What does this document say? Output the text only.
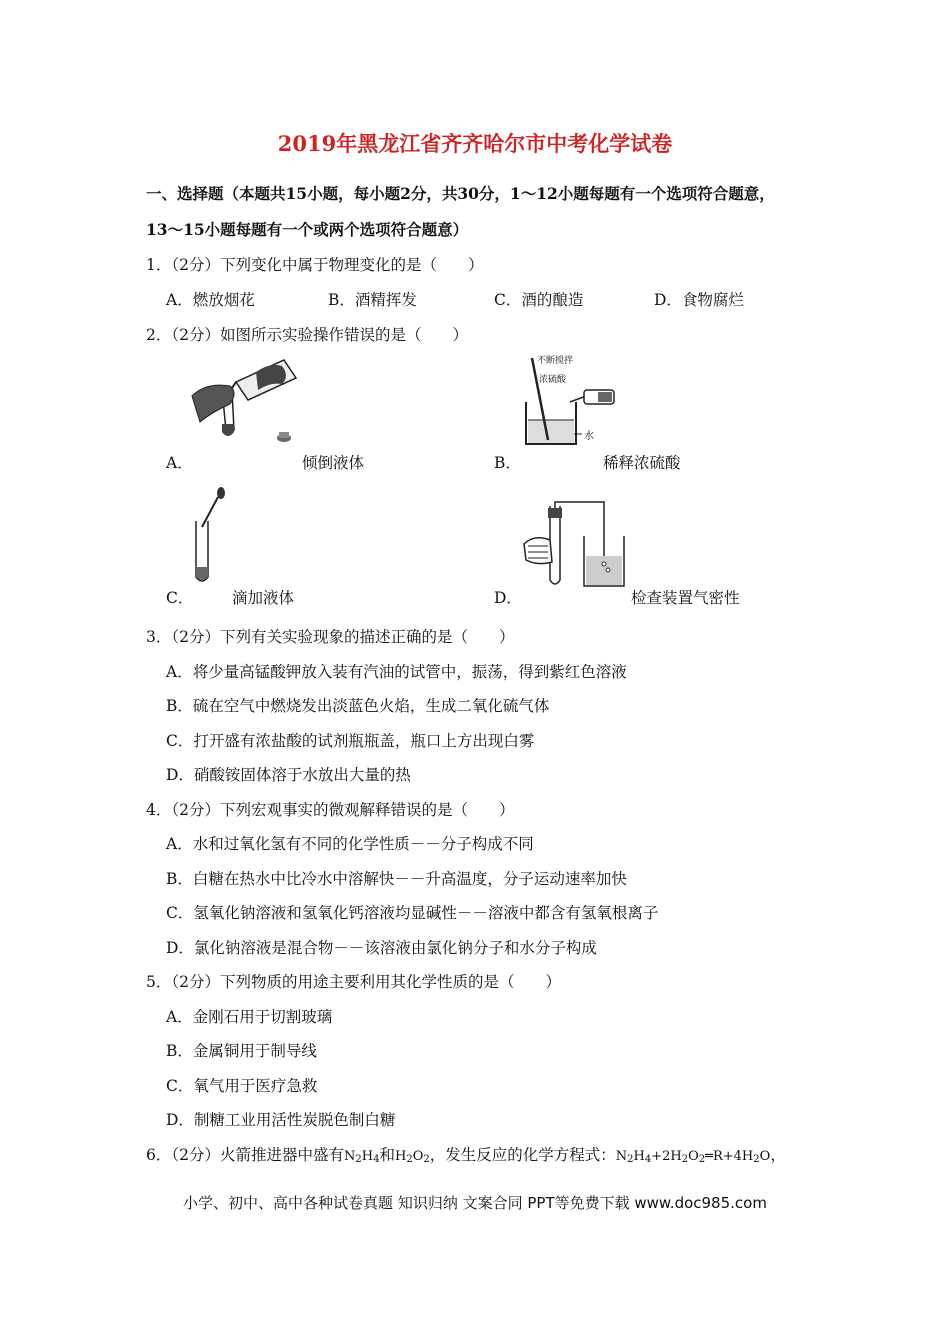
2019年黑龙江省齐齐哈尔市中考化学试卷
一、选择题（本题共15小题，每小题2分，共30分，1～12小题每题有一个选项符合题意，
13～15小题每题有一个或两个选项符合题意）
1．（2分）下列变化中属于物理变化的是（　　）
A．燃放烟花	B．酒精挥发	C．酒的酿造	D．食物腐烂
2．（2分）如图所示实验操作错误的是（　　）
A．	倾倒液体
不断搅拌
浓硫酸
水
B．	稀释浓硫酸
C． 滴加液体	D．	检查装置气密性
3．（2分）下列有关实验现象的描述正确的是（　　）
A．将少量高锰酸钾放入装有汽油的试管中，振荡，得到紫红色溶液
B．硫在空气中燃烧发出淡蓝色火焰，生成二氧化硫气体
C．打开盛有浓盐酸的试剂瓶瓶盖，瓶口上方出现白雾
D．硝酸铵固体溶于水放出大量的热
4．（2分）下列宏观事实的微观解释错误的是（　　）
A．水和过氧化氢有不同的化学性质－－分子构成不同
B．白糖在热水中比冷水中溶解快－－升高温度，分子运动速率加快
C．氢氧化钠溶液和氢氧化钙溶液均显碱性－－溶液中都含有氢氧根离子
D．氯化钠溶液是混合物－－该溶液由氯化钠分子和水分子构成
5．（2分）下列物质的用途主要利用其化学性质的是（　　）
A．金刚石用于切割玻璃
B．金属铜用于制导线
C．氧气用于医疗急救
D．制糖工业用活性炭脱色制白糖
6．（2分）火箭推进器中盛有$N_2H_4$和$H_2O_2$，发生反应的化学方程式：$N_2H_4+2H_2O_2═R+4H_2O$，
小学、初中、高中各种试卷真题 知识归纳 文案合同 PPT等免费下载 www.doc985.com
